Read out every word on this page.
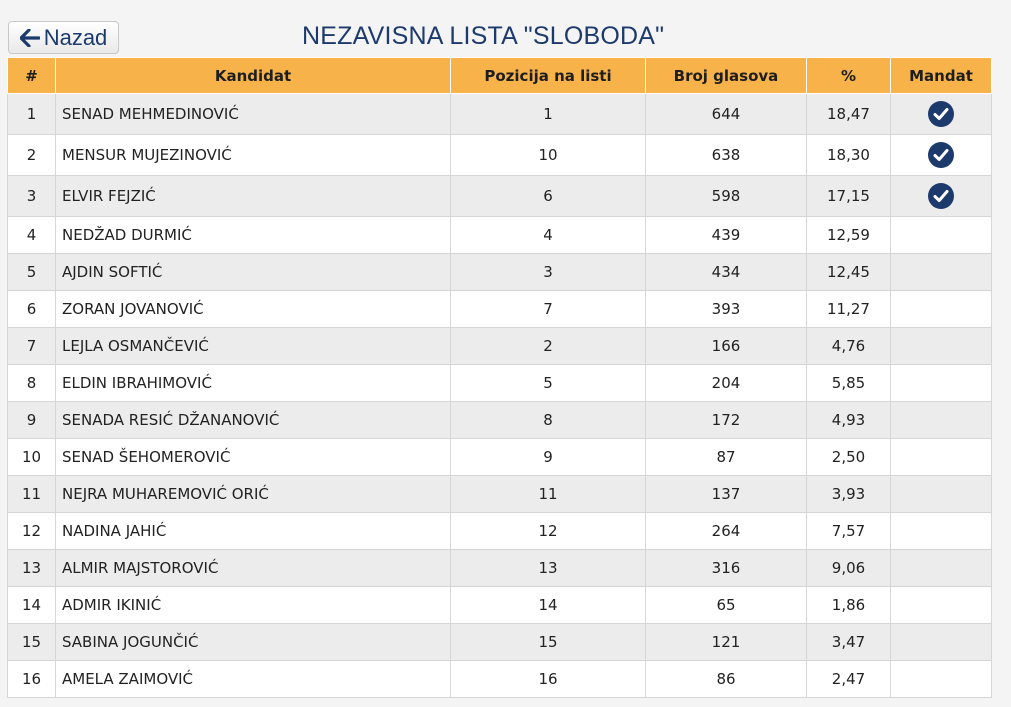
Nazad	NEZAVISNA LISTA "SLOBODA"
#	Kandidat	Pozicija na listi	Broj glasova	%	Mandat
1	SENAD MEHMEDINOVIĆ	1	644	18,47	

2	MENSUR MUJEZINOVIĆ	10	638	18,30	

3	ELVIR FEJZIĆ	6	598	17,15	

4	NEDŽAD DURMIĆ	4	439	12,59	
5	AJDIN SOFTIĆ	3	434	12,45	
6	ZORAN JOVANOVIĆ	7	393	11,27	
7	LEJLA OSMANČEVIĆ	2	166	4,76	
8	ELDIN IBRAHIMOVIĆ	5	204	5,85	
9	SENADA RESIĆ DŽANANOVIĆ	8	172	4,93	
10	SENAD ŠEHOMEROVIĆ	9	87	2,50	
11	NEJRA MUHAREMOVIĆ ORIĆ	11	137	3,93	
12	NADINA JAHIĆ	12	264	7,57	
13	ALMIR MAJSTOROVIĆ	13	316	9,06	
14	ADMIR IKINIĆ	14	65	1,86	
15	SABINA JOGUNČIĆ	15	121	3,47	
16	AMELA ZAIMOVIĆ	16	86	2,47	
